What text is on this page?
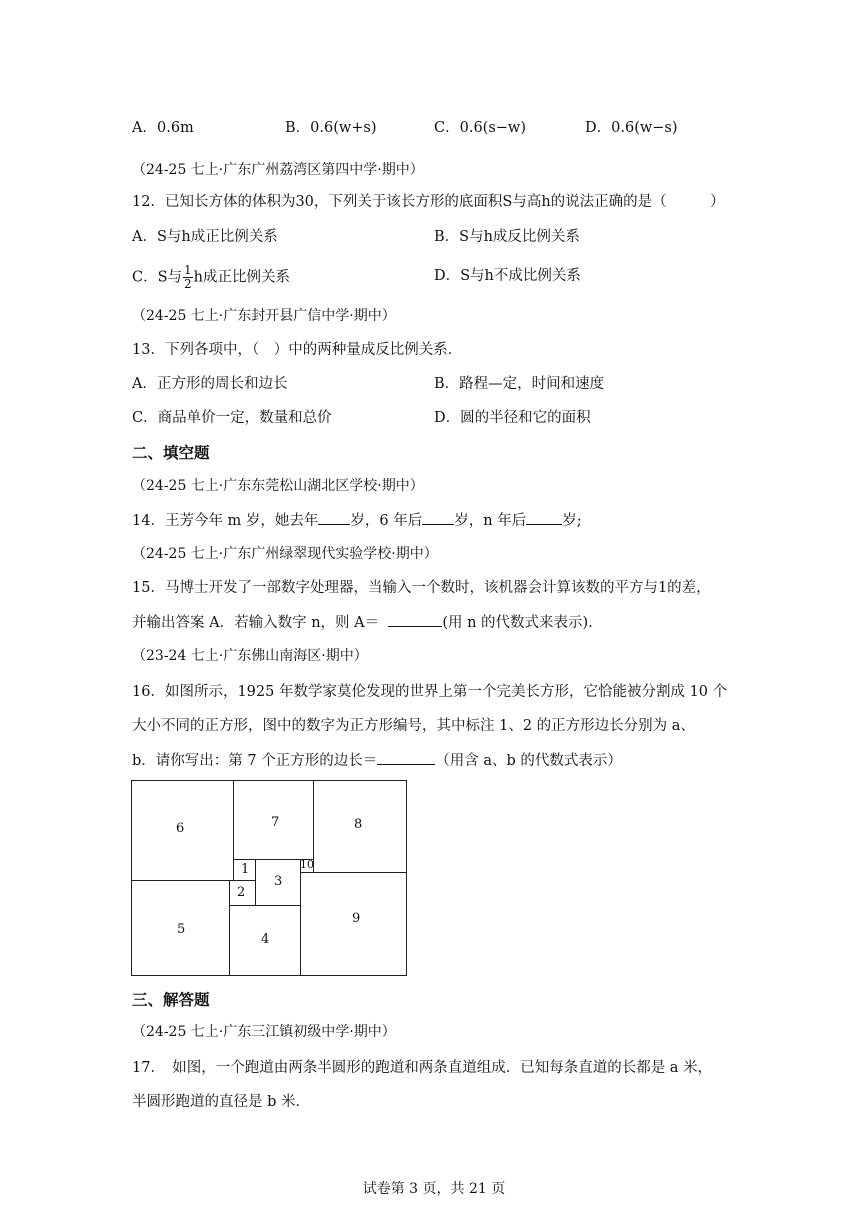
A．0.6m	B．0.6(w+s)	C．0.6(s−w)	D．0.6(w−s)
（24-25 七上·广东广州荔湾区第四中学·期中）
12．已知长方体的体积为30，下列关于该长方形的底面积S与高h的说法正确的是（　　　）
A．S与h成正比例关系	B．S与h成反比例关系
C．S与 $\frac{1}{2}$ h成正比例关系	D．S与h不成比例关系
（24-25 七上·广东封开县广信中学·期中）
13．下列各项中，（　）中的两种量成反比例关系．
A．正方形的周长和边长	B．路程—定，时间和速度
C．商品单价一定，数量和总价	D．圆的半径和它的面积
二、填空题
（24-25 七上·广东东莞松山湖北区学校·期中）
14．王芳今年 m 岁，她去年 岁，6 年后 岁，n 年后 岁;
（24-25 七上·广东广州绿翠现代实验学校·期中）
15．马博士开发了一部数字处理器，当输入一个数时，该机器会计算该数的平方与1的差，
并输出答案 A．若输入数字 n，则 A＝	(用 n 的代数式来表示)．
（23-24 七上·广东佛山南海区·期中）
16．如图所示，1925 年数学家莫伦发现的世界上第一个完美长方形，它恰能被分割成 10 个
大小不同的正方形，图中的数字为正方形编号，其中标注 1、2 的正方形边长分别为 a、
b．请你写出：第 7 个正方形的边长＝	（用含 a、b 的代数式表示）
6	7	8
1
3
10
2
5
4
9
三、解答题
（24-25 七上·广东三江镇初级中学·期中）
17．　如图，一个跑道由两条半圆形的跑道和两条直道组成．已知每条直道的长都是 a 米，
半圆形跑道的直径是 b 米．
试卷第 3 页，共 21 页
